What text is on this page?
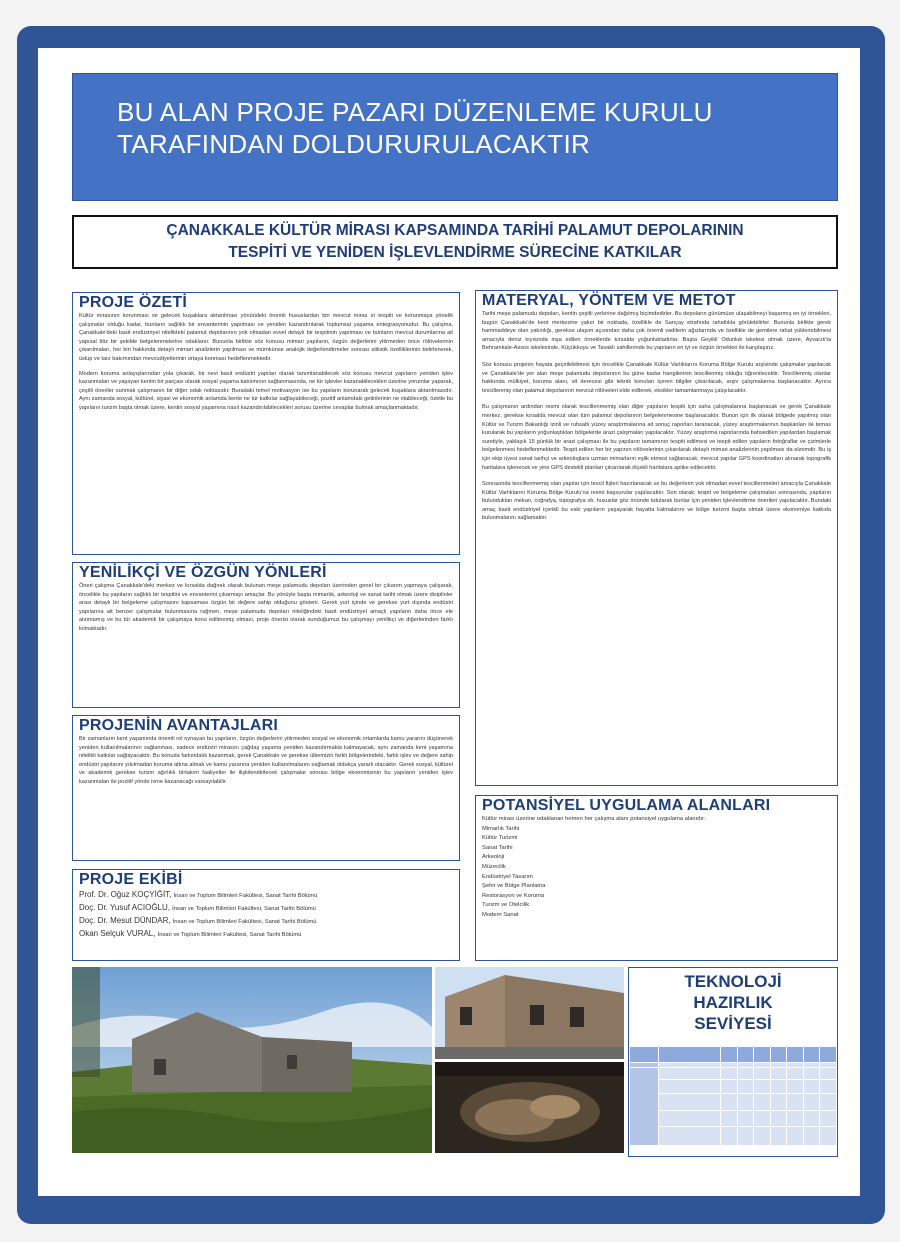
BU ALAN PROJE PAZARI DÜZENLEME KURULU
TARAFINDAN DOLDURURULACAKTIR
ÇANAKKALE KÜLTÜR MİRASI KAPSAMINDA TARİHİ PALAMUT DEPOLARININ
TESPİTİ VE YENİDEN İŞLEVLENDİRME SÜRECİNE KATKILAR
PROJE ÖZETİ

Kültür mirasının korunması ve gelecek kuşaklara aktarılması yönündeki önemli hususlardan biri mevcut miras ın tespiti ve korunmaya yönelik çalışmalar olduğu kadar, bunların sağlıklı bir envanterinin yapılması ve yeniden kazandırılarak toplumsal yaşama entegrasyonudur. Bu çalışma, Çanakkale'deki basit endüstriyel nitelikteki palamut depolarının yok olmadan evvel detaylı bir tespitinin yapılması ve bunların mevcut durumlarına ait yapısal titiz bir şekilde belgelenmelerine odaklanır. Bununla birlikte söz konusu mimari yapıların, özgün değerlerini yitirmeden önce rölövelerinin çıkarılmaları, her biri hakkında detaylı mimari analizlerin yapılması ve mümkünse analojik değerlendirmeler sonrası stilistik özelliklerinin belirlenerek, üslup ve tarz bakımından mevcudiyetlerinin ortaya konması hedeflenmektedir.

Modern koruma anlayışlarından yola çıkarak, bir nevi basit endüstri yapıları olarak tanımlanabilecek söz konusu mevcut yapıların yeniden işlev kazanmaları ve yaşayan kentin bir parçası olarak sosyal yaşama katılımının sağlanmasında, ne tür işlevler kazanabilecekleri üzerine yorumlar yaparak, çeşitli öneriler sunmak çalışmanın bir diğer odak noktasıdır. Buradaki temel motivasyon ise bu yapıların korunarak gelecek kuşaklara aktarılmasıdır. Aynı zamanda sosyal, kültürel, siyasi ve ekonomik anlamda kente ne tür katkılar sağlayabileceği, pozitif anlamdaki getirilerinin ne olabileceği, özetle bu yapıların turizm başta olmak üzere, kentin sosyal yaşamına nasıl kazandırılabilecekleri sorusu üzerine cevaplar bulmak amaçlanmaktadır.

YENİLİKÇİ VE ÖZGÜN YÖNLERİ

Öneri çalışma Çanakkale'deki merkez ve kırsalda dağınık olarak bulunan meşe palamudu depoları üzerinden genel bir çıkarım yapmaya çalışarak, öncelikle bu yapıların sağlıklı bir tespitini ve envanterini çıkarmayı amaçlar. Bu yönüyle başta mimarlık, arkeoloji ve sanat tarihi olmak üzere disiplinler arası detaylı bir belgeleme çalışmasını kapsaması özgün bir değere sahip olduğunu gösterir. Gerek yurt içinde ve gerekse yurt dışında endüstri yapılarına ait benzer çalışmalar bulunmasına rağmen, meşe palamudu depoları niteliğindeki basit endüstriyel amaçlı yapıların daha önce ele alınmamış ve bu tür akademik bir çalışmaya konu edilmemiş olması, proje önerisi olarak sunduğumuz bu çalışmayı yenilikçi ve diğerlerinden farklı kılmaktadır.

PROJENİN AVANTAJLARI

Bir zamanların kent yaşamında önemli rol oynayan bu yapıların, özgün değerlerini yitirmeden sosyal ve ekonomik ortamlarda kamu yararını düşünerek yeniden kullanılmalarının sağlanması, sadece endüstri mirasını çağdaş yaşama yeniden kazandırmakla kalmayacak, aynı zamanda kent yaşamına nitelikli katkılar sağlayacaktır. Bu konuda farkındalık kazanmak, gerek Çanakkale ve gerekse ülkemizin farklı bölgelerindeki, farklı işlev ve değere sahip endüstri yapılarını yıkılmadan koruma altına almak ve kamu yararına yeniden kullanılmalarını sağlamak oldukça yararlı olacaktır. Gerek sosyal, kültürel ve akademik gerekse turizm ağırlıklı birtakım faaliyetler ile ilişkilendirilecek çalışmalar sonrası bölge ekonomisinin bu yapıların yeniden işlev kazanmaları ile pozitif yönde ivme kazanacağı varsayılabilir.

PROJE EKİBİ
Prof. Dr. Oğuz KOÇYİĞİT, İnsan ve Toplum Bilimleri Fakültesi, Sanat Tarihi Bölümü
Doç. Dr. Yusuf ACIOĞLU, İnsan ve Toplum Bilimleri Fakültesi, Sanat Tarihi Bölümü
Doç. Dr. Mesut DÜNDAR, İnsan ve Toplum Bilimleri Fakültesi, Sanat Tarihi Bölümü
Okan Selçuk VURAL, İnsan ve Toplum Bilimleri Fakültesi, Sanat Tarihi Bölümü
MATERYAL, YÖNTEM VE METOT

Tarihi meşe palamudu depoları, kentin çeşitli yerlerine dağılmış biçimdedirler. Bu depoların günümüze ulaşabilmeyi başarmış en iyi örnekleri, bugün Çanakkale'de kent merkezine yakın bir noktada, özellikle de Sarıçay etrafında rahatlıkla görülebilirler. Bununla birlikte gerek hammaddeye olan yakınlığı, gerekse ulaşım açısından daha çok önemli vadilerin ağızlarında ve özellikle de gemilere rahat yüklenebilmesi amacıyla deniz kıyısında inşa edilen örneklerde kırsalda yoğunluktadırlar. Başta Geyikli Odunluk iskelesi olmak üzere, Ayvacık'ta Behramkale-Assos iskelesinde, Küçükkuyu ve Tavaklı sahillerinde bu yapıların en iyi ve özgün örnekleri ile karşılaşırız.

Söz konusu projenin hayata geçirilebilmesi için öncelikle Çanakkale Kültür Varlıklarını Koruma Bölge Kurulu arşivinde çalışmalar yapılacak ve Çanakkale'de yer alan meşe palamudu depolarının bu güne kadar hangilerinin tescillenmiş olduğu öğrenilecektir. Tescillenmiş olanlar hakkında mülkiyet, koruma alanı, sit derecesi gibi teknik konuları içeren bilgiler çıkarılacak, arşiv çalışmalarına başlanacaktır. Ayrıca tescillenmiş olan palamut depolarının mevcut rölöveleri elde edilerek, eksikler tamamlanmaya çalışılacaktır.

Bu çalışmanın ardından resmi olarak tescillenmemiş olan diğer yapıların tespiti için saha çalışmalarına başlanacak ve gerek Çanakkale merkez, gerekse kırsalda mevcut olan tüm palamut depolarının belgelenmesine başlanacaktır. Bunun için ilk olarak bölgede yapılmış olan Kültür ve Turizm Bakanlığı izinli ve ruhsatlı yüzey araştırmalarına ait sonuç raporları taranacak, yüzey araştırmalarının başkanları ile temas kurularak bu yapıların yoğunlaştıkları bölgelerde arazi çalışmaları yapılacaktır. Yüzey araştırma raporlarında bahsedilen yapılardan başlamak suretiyle, yaklaşık 15 günlük bir arazi çalışması ile bu yapıların tamamının tespiti edilmesi ve tespit edilen yapıların fotoğraflar ve çizimlerle belgelenmesi hedeflenmektedir. Tespit edilen her bir yapının rölövelerinin çıkarılarak detaylı mimari analizlerinin yapılması da elzemdir. Bu iş için ekip üyesi sanat tarihçi ve arkeologlara uzman mimarların eşlik etmesi sağlanacak, mevcut yapılar GPS koordinatları alınarak topografik haritalara işlenecek ve yine GPS destekli planları çıkarılarak ölçekli haritalara aplike edilecektir.

Sonrasında tescillenmemiş olan yapılar için tescil fişleri hazırlanacak ve bu değerlerin yok olmadan evvel tescillenmeleri amacıyla Çanakkale Kültür Varlıklarını Koruma Bölge Kurulu'na resmi başvurular yapılacaktır. Son olarak; tespit ve belgeleme çalışmaları sonrasında, yapıların bulundukları mekan, coğrafya, topografya vb. hususlar göz önünde tutularak bunlar için yeniden işlevlendirme önerileri yapılacaktır. Bundaki amaç basit endüstriyel içerikli bu eski yapıların yaşayarak hayatta kalmalarını ve bölge turizmi başta olmak üzere ekonomiye katkıda bulunmalarını sağlamaktır.

POTANSİYEL UYGULAMA ALANLARI
Kültür mirası üzerine odaklanan hemen her çalışma alanı potansiyel uygulama alanıdır:
Mimarlık Tarihi
Kültür Turizmi
Sanat Tarihi
Arkeoloji
Müzecilik
Endüstriyel Tasarım
Şehir ve Bölge Planlama
Restorasyon ve Koruma
Turizm ve Otelcilik
Modern Sanat
TEKNOLOJİ
HAZIRLIK
SEVİYESİ
